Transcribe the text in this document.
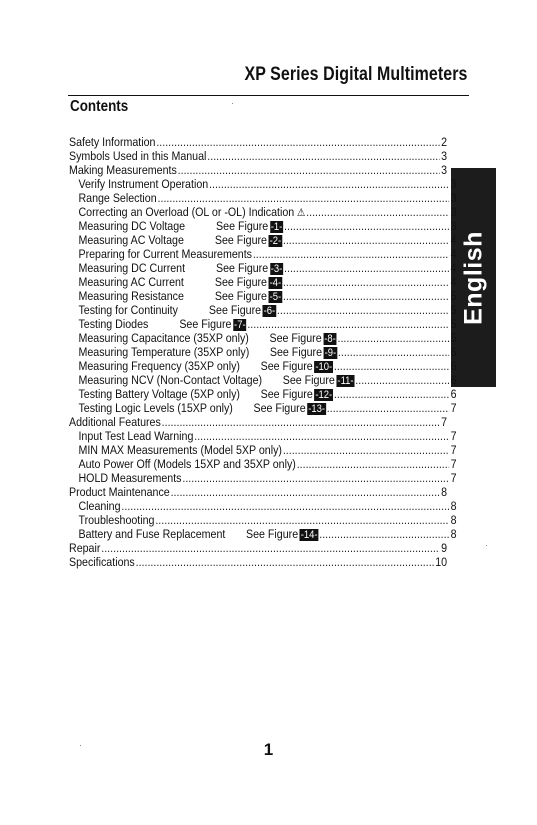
XP Series Digital Multimeters
Contents
English
Safety Information .....	2
Symbols Used in this Manual .....	3
Making Measurements .....	3
Verify Instrument Operation .....	3
Range Selection .....	3
Correcting an Overload (OL or -OL) Indication ⚠ .....	3
Measuring DC Voltage See Figure -1- .....	3
Measuring AC Voltage See Figure -2- .....	4
Preparing for Current Measurements .....	4
Measuring DC Current See Figure -3- .....	4
Measuring AC Current See Figure -4- .....	4
Measuring Resistance See Figure -5- .....	5
Testing for Continuity See Figure -6- .....	5
Testing Diodes See Figure -7- .....	5
Measuring Capacitance (35XP only) See Figure -8- .....	5
Measuring Temperature (35XP only) See Figure -9- .....	6
Measuring Frequency (35XP only) See Figure -10- .....	6
Measuring NCV (Non-Contact Voltage) See Figure -11- .....	6
Testing Battery Voltage (5XP only) See Figure -12- .....	6
Testing Logic Levels (15XP only) See Figure -13- .....	7
Additional Features .....	7
Input Test Lead Warning .....	7
MIN MAX Measurements (Model 5XP only) .....	7
Auto Power Off (Models 15XP and 35XP only) .....	7
HOLD Measurements .....	7
Product Maintenance .....	8
Cleaning .....	8
Troubleshooting .....	8
Battery and Fuse Replacement See Figure -14- .....	8
Repair .....	9
Specifications .....	10
1
